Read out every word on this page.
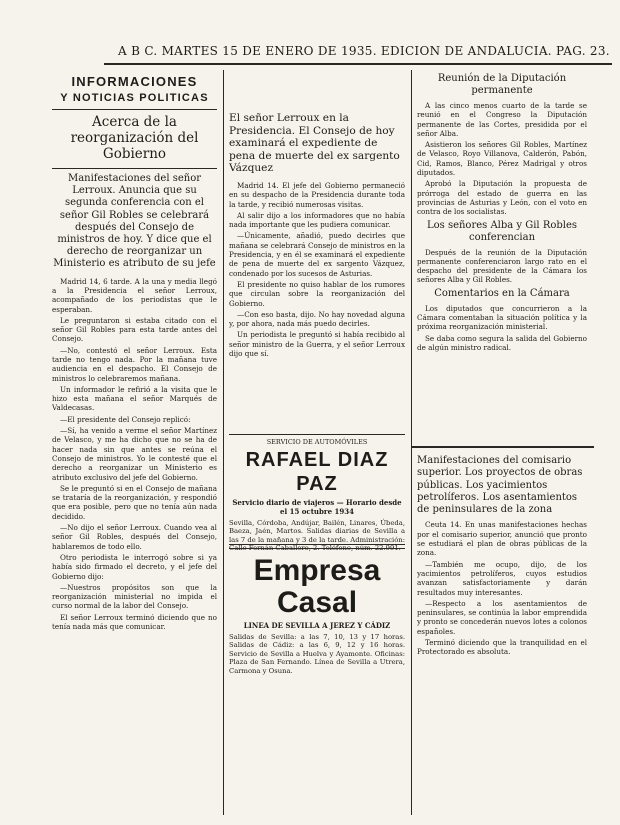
A B C. MARTES 15 DE ENERO DE 1935. EDICION DE ANDALUCIA. PAG. 23.

INFORMACIONES

Y NOTICIAS POLITICAS

Acerca de la reorganización del Gobierno

Manifestaciones del señor Lerroux. Anuncia que su segunda conferencia con el señor Gil Robles se celebrará después del Consejo de ministros de hoy. Y dice que el derecho de reorganizar un Ministerio es atributo de su jefe

Madrid 14, 6 tarde. A la una y media llegó a la Presidencia el señor Lerroux, acompañado de los periodistas que le esperaban.

Le preguntaron si estaba citado con el señor Gil Robles para esta tarde antes del Consejo.

—No, contestó el señor Lerroux. Esta tarde no tengo nada. Por la mañana tuve audiencia en el despacho. El Consejo de ministros lo celebraremos mañana.

Un informador le refirió a la visita que le hizo esta mañana el señor Marqués de Valdecasas.

—El presidente del Consejo replicó:

—Sí, ha venido a verme el señor Martínez de Velasco, y me ha dicho que no se ha de hacer nada sin que antes se reúna el Consejo de ministros. Yo le contesté que el derecho a reorganizar un Ministerio es atributo exclusivo del jefe del Gobierno.

Se le preguntó si en el Consejo de mañana se trataría de la reorganización, y respondió que era posible, pero que no tenía aún nada decidido.

—No dijo el señor Lerroux. Cuando vea al señor Gil Robles, después del Consejo, hablaremos de todo ello.

Otro periodista le interrogó sobre si ya había sido firmado el decreto, y el jefe del Gobierno dijo:

—Nuestros propósitos son que la reorganización ministerial no impida el curso normal de la labor del Consejo.

El señor Lerroux terminó diciendo que no tenía nada más que comunicar.

El señor Lerroux en la Presidencia. El Consejo de hoy examinará el expediente de pena de muerte del ex sargento Vázquez

Madrid 14. El jefe del Gobierno permaneció en su despacho de la Presidencia durante toda la tarde, y recibió numerosas visitas.

Al salir dijo a los informadores que no había nada importante que les pudiera comunicar.

—Únicamente, añadió, puedo decirles que mañana se celebrará Consejo de ministros en la Presidencia, y en él se examinará el expediente de pena de muerte del ex sargento Vázquez, condenado por los sucesos de Asturias.

El presidente no quiso hablar de los rumores que circulan sobre la reorganización del Gobierno.

—Con eso basta, dijo. No hay novedad alguna y, por ahora, nada más puedo decirles.

Un periodista le preguntó si había recibido al señor ministro de la Guerra, y el señor Lerroux dijo que sí.

SERVICIO DE AUTOMÓVILES

RAFAEL DIAZ PAZ

Servicio diario de viajeros — Horario desde el 15 octubre 1934

Sevilla, Córdoba, Andújar, Bailén, Linares, Úbeda, Baeza, Jaén, Martos. Salidas diarias de Sevilla a las 7 de la mañana y 3 de la tarde. Administración: Calle Fernán Caballero, 2. Teléfono, núm. 22.991.

Empresa Casal

LINEA DE SEVILLA A JEREZ Y CÁDIZ

Salidas de Sevilla: a las 7, 10, 13 y 17 horas. Salidas de Cádiz: a las 6, 9, 12 y 16 horas. Servicio de Sevilla a Huelva y Ayamonte. Oficinas: Plaza de San Fernando. Línea de Sevilla a Utrera, Carmona y Osuna.

Reunión de la Diputación permanente

A las cinco menos cuarto de la tarde se reunió en el Congreso la Diputación permanente de las Cortes, presidida por el señor Alba.

Asistieron los señores Gil Robles, Martínez de Velasco, Royo Villanova, Calderón, Pabón, Cid, Ramos, Blanco, Pérez Madrigal y otros diputados.

Aprobó la Diputación la propuesta de prórroga del estado de guerra en las provincias de Asturias y León, con el voto en contra de los socialistas.

Los señores Alba y Gil Robles conferencian

Después de la reunión de la Diputación permanente conferenciaron largo rato en el despacho del presidente de la Cámara los señores Alba y Gil Robles.

Comentarios en la Cámara

Los diputados que concurrieron a la Cámara comentaban la situación política y la próxima reorganización ministerial.

Se daba como segura la salida del Gobierno de algún ministro radical.

Manifestaciones del comisario superior. Los proyectos de obras públicas. Los yacimientos petrolíferos. Los asentamientos de peninsulares de la zona

Ceuta 14. En unas manifestaciones hechas por el comisario superior, anunció que pronto se estudiará el plan de obras públicas de la zona.

—También me ocupo, dijo, de los yacimientos petrolíferos, cuyos estudios avanzan satisfactoriamente y darán resultados muy interesantes.

—Respecto a los asentamientos de peninsulares, se continúa la labor emprendida y pronto se concederán nuevos lotes a colonos españoles.

Terminó diciendo que la tranquilidad en el Protectorado es absoluta.
